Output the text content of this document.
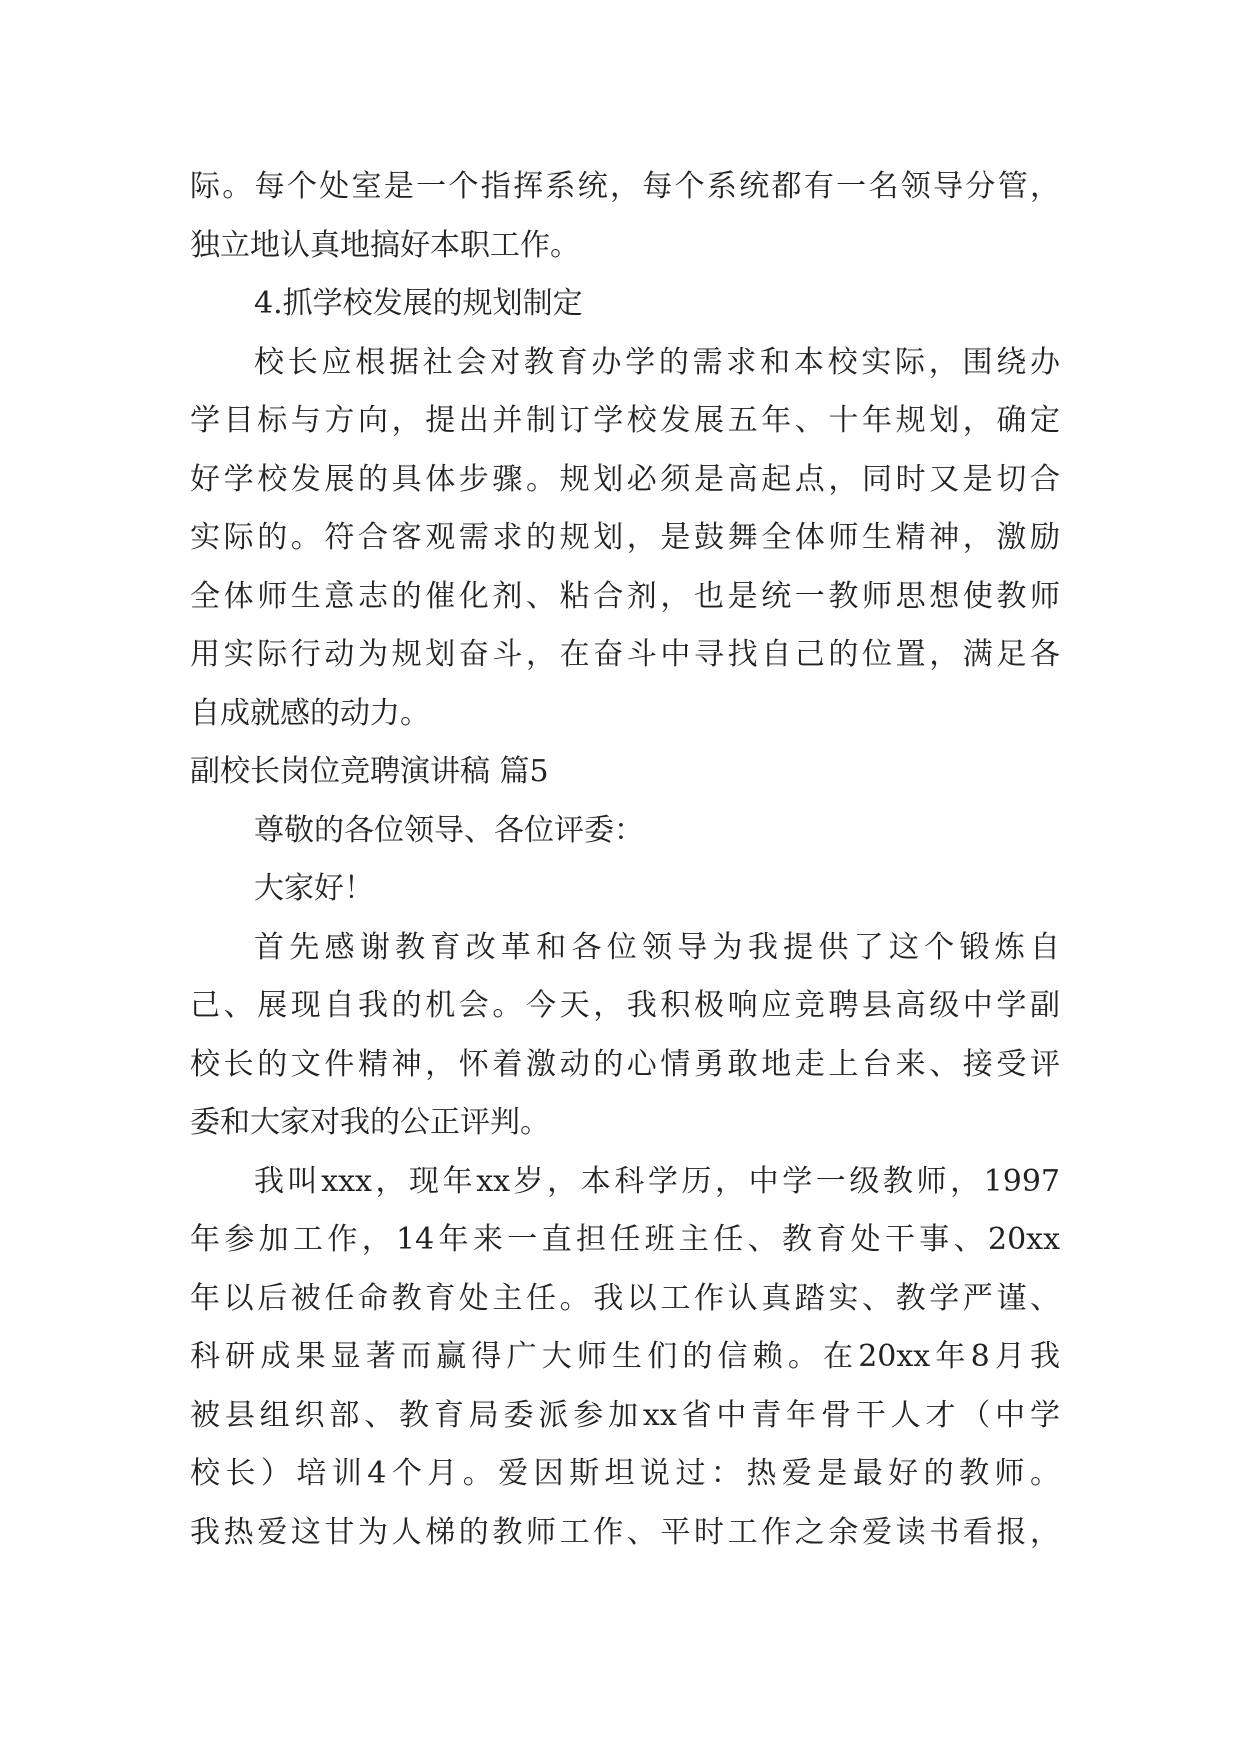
际。每个处室是一个指挥系统，每个系统都有一名领导分管，
独立地认真地搞好本职工作。
4.抓学校发展的规划制定
校长应根据社会对教育办学的需求和本校实际，围绕办
学目标与方向，提出并制订学校发展五年、十年规划，确定
好学校发展的具体步骤。规划必须是高起点，同时又是切合
实际的。符合客观需求的规划，是鼓舞全体师生精神，激励
全体师生意志的催化剂、粘合剂，也是统一教师思想使教师
用实际行动为规划奋斗，在奋斗中寻找自己的位置，满足各
自成就感的动力。
副校长岗位竞聘演讲稿 篇5
尊敬的各位领导、各位评委：
大家好！
首先感谢教育改革和各位领导为我提供了这个锻炼自
己、展现自我的机会。今天，我积极响应竞聘县高级中学副
校长的文件精神，怀着激动的心情勇敢地走上台来、接受评
委和大家对我的公正评判。
我叫xxx，现年xx岁，本科学历，中学一级教师，1997
年参加工作，14年来一直担任班主任、教育处干事、20xx
年以后被任命教育处主任。我以工作认真踏实、教学严谨、
科研成果显著而赢得广大师生们的信赖。在20xx年8月我
被县组织部、教育局委派参加xx省中青年骨干人才（中学
校长）培训4个月。爱因斯坦说过：热爱是最好的教师。
我热爱这甘为人梯的教师工作、平时工作之余爱读书看报，
